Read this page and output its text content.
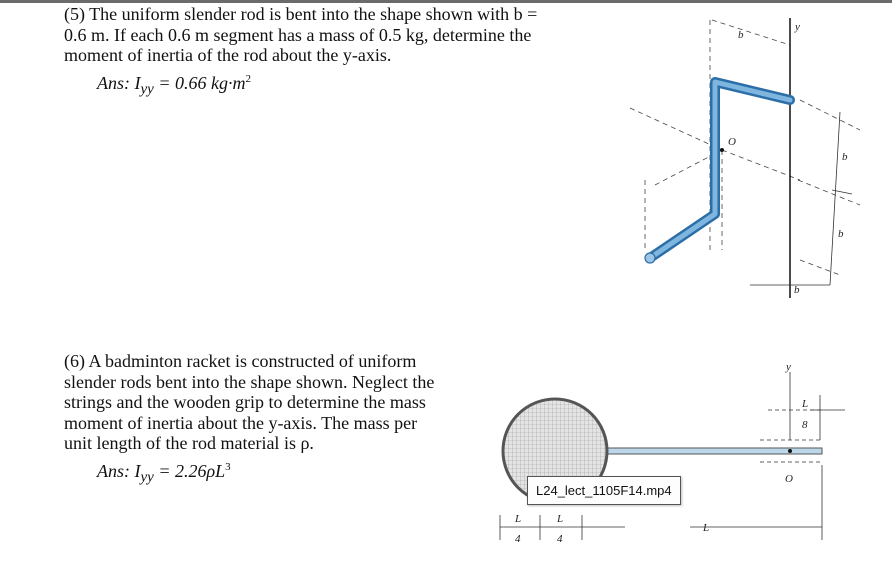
(5) The uniform slender rod is bent into the shape shown with b =
0.6 m. If each 0.6 m segment has a mass of 0.5 kg, determine the
moment of inertia of the rod about the y-axis.
Ans: $I_{yy} = 0.66$ $kg\cdot m^2$
(6) A badminton racket is constructed of uniform
slender rods bent into the shape shown. Neglect the
strings and the wooden grip to determine the mass
moment of inertia about the y-axis. The mass per
unit length of the rod material is ρ.
Ans: $I_{yy} = 2.26\rho L^3$
y
b
O
b
b
b
y
O
L
8
L
4
L
4
L
L24_lect_1105F14.mp4
